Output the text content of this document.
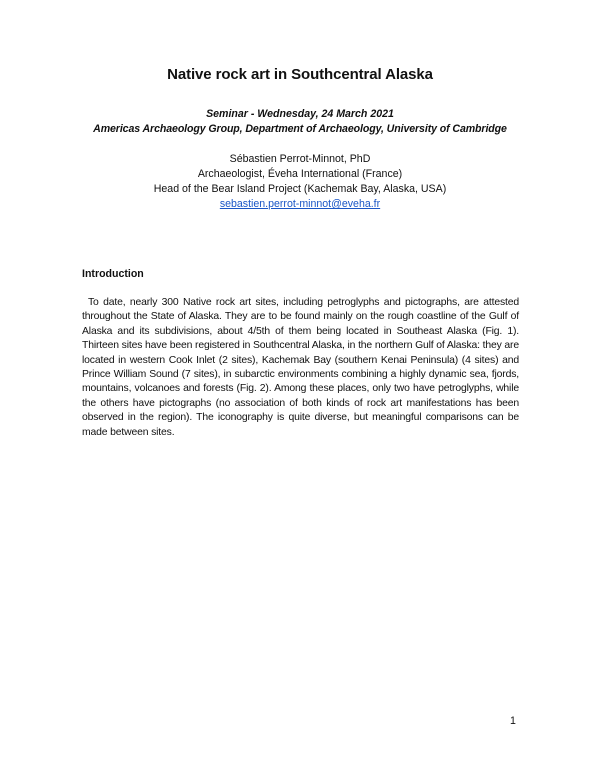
Native rock art in Southcentral Alaska
Seminar - Wednesday, 24 March 2021
Americas Archaeology Group, Department of Archaeology, University of Cambridge
Sébastien Perrot-Minnot, PhD
Archaeologist, Éveha International (France)
Head of the Bear Island Project (Kachemak Bay, Alaska, USA)
sebastien.perrot-minnot@eveha.fr
Introduction
To date, nearly 300 Native rock art sites, including petroglyphs and pictographs, are attested throughout the State of Alaska. They are to be found mainly on the rough coastline of the Gulf of Alaska and its subdivisions, about 4/5th of them being located in Southeast Alaska (Fig. 1). Thirteen sites have been registered in Southcentral Alaska, in the northern Gulf of Alaska: they are located in western Cook Inlet (2 sites), Kachemak Bay (southern Kenai Peninsula) (4 sites) and Prince William Sound (7 sites), in subarctic environments combining a highly dynamic sea, fjords, mountains, volcanoes and forests (Fig. 2). Among these places, only two have petroglyphs, while the others have pictographs (no association of both kinds of rock art manifestations has been observed in the region). The iconography is quite diverse, but meaningful comparisons can be made between sites.
1
